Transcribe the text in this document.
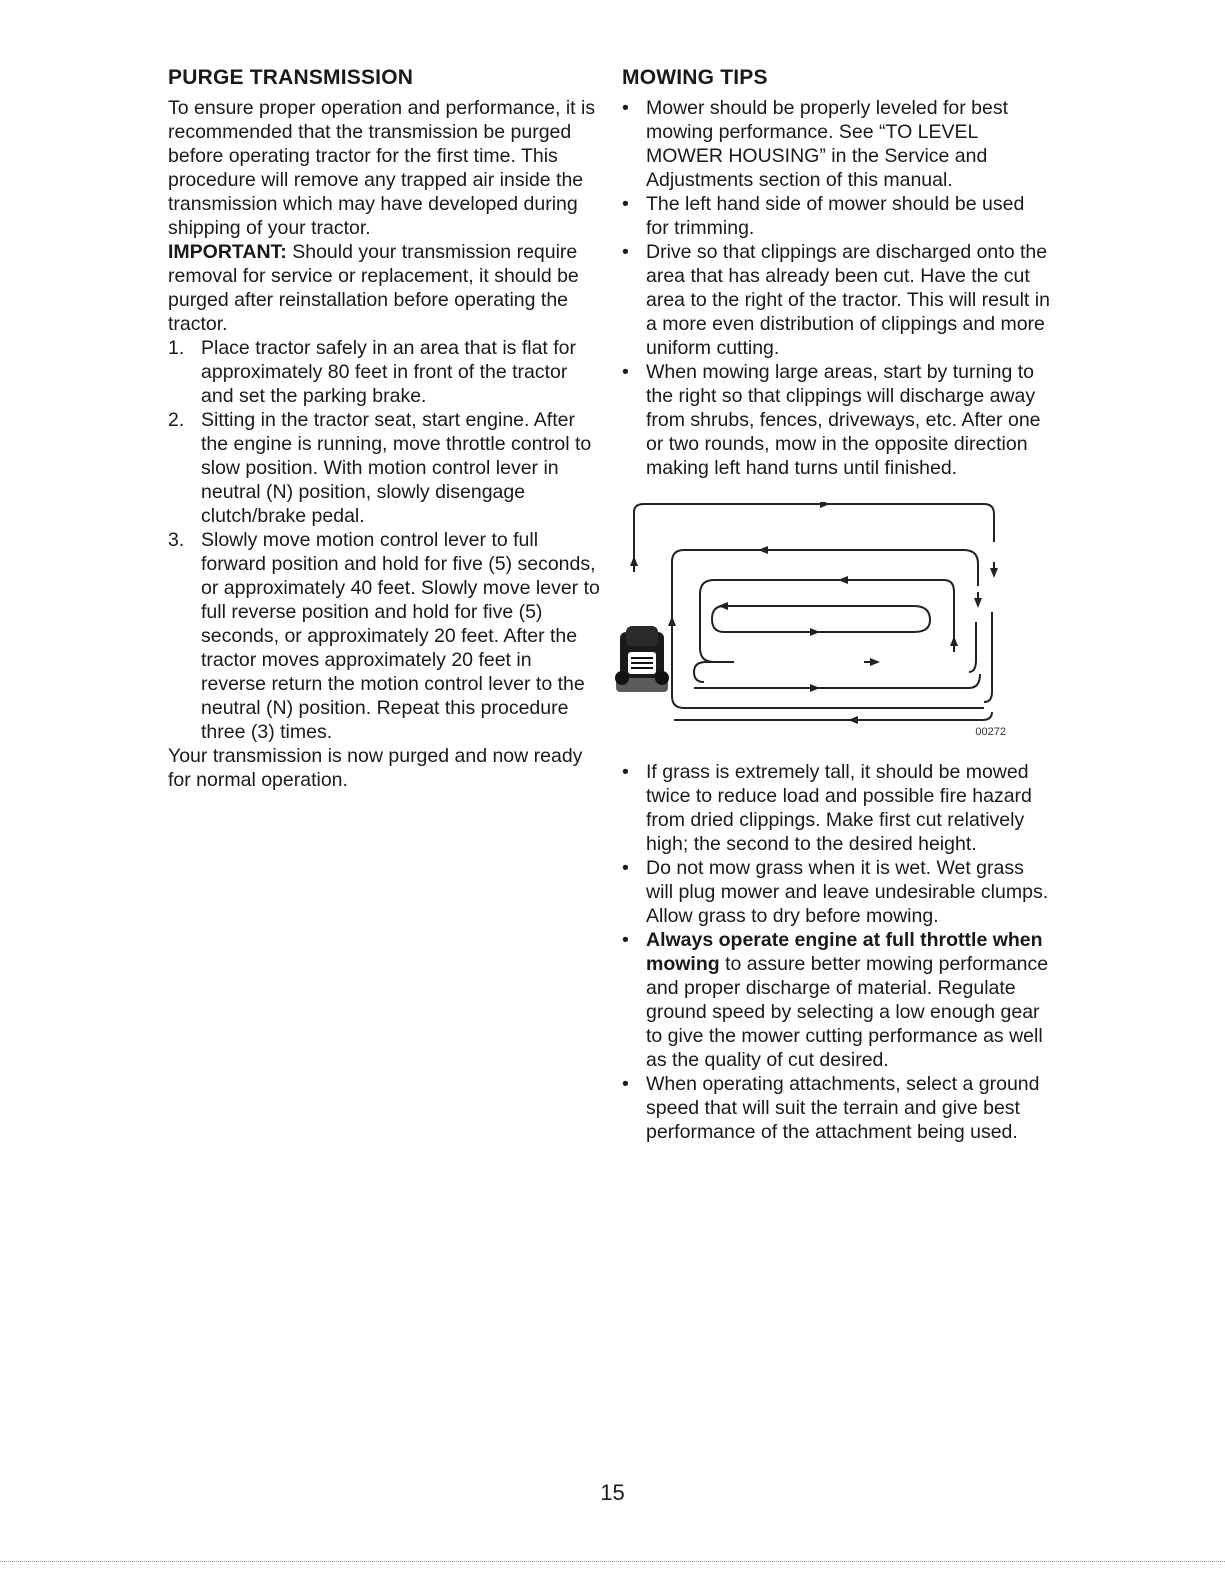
PURGE TRANSMISSION

To ensure proper operation and performance, it is recommended that the transmission be purged before operating tractor for the first time. This procedure will remove any trapped air inside the transmission which may have developed during shipping of your tractor.

IMPORTANT: Should your transmission require removal for service or replacement, it should be purged after reinstallation before operating the tractor.

1. Place tractor safely in an area that is flat for approximately 80 feet in front of the tractor and set the parking brake.
2. Sitting in the tractor seat, start engine. After the engine is running, move throttle control to slow position. With motion control lever in neutral (N) position, slowly disengage clutch/brake pedal.
3. Slowly move motion control lever to full forward position and hold for five (5) seconds, or approximately 40 feet. Slowly move lever to full reverse position and hold for five (5) seconds, or approximately 20 feet. After the tractor moves approximately 20 feet in reverse return the motion control lever to the neutral (N) position. Repeat this procedure three (3) times.

Your transmission is now purged and now ready for normal operation.

MOWING TIPS
• Mower should be properly leveled for best mowing performance. See “TO LEVEL MOWER HOUSING” in the Service and Adjustments section of this manual.
• The left hand side of mower should be used for trimming.
• Drive so that clippings are discharged onto the area that has already been cut. Have the cut area to the right of the tractor. This will result in a more even distribution of clippings and more uniform cutting.
• When mowing large areas, start by turning to the right so that clippings will discharge away from shrubs, fences, driveways, etc. After one or two rounds, mow in the opposite direction making left hand turns until finished.
00272
• If grass is extremely tall, it should be mowed twice to reduce load and possible fire hazard from dried clippings. Make first cut relatively high; the second to the desired height.
• Do not mow grass when it is wet. Wet grass will plug mower and leave undesirable clumps. Allow grass to dry before mowing.
• Always operate engine at full throttle when mowing to assure better mowing performance and proper discharge of material. Regulate ground speed by selecting a low enough gear to give the mower cutting performance as well as the quality of cut desired.
• When operating attachments, select a ground speed that will suit the terrain and give best performance of the attachment being used.
15
